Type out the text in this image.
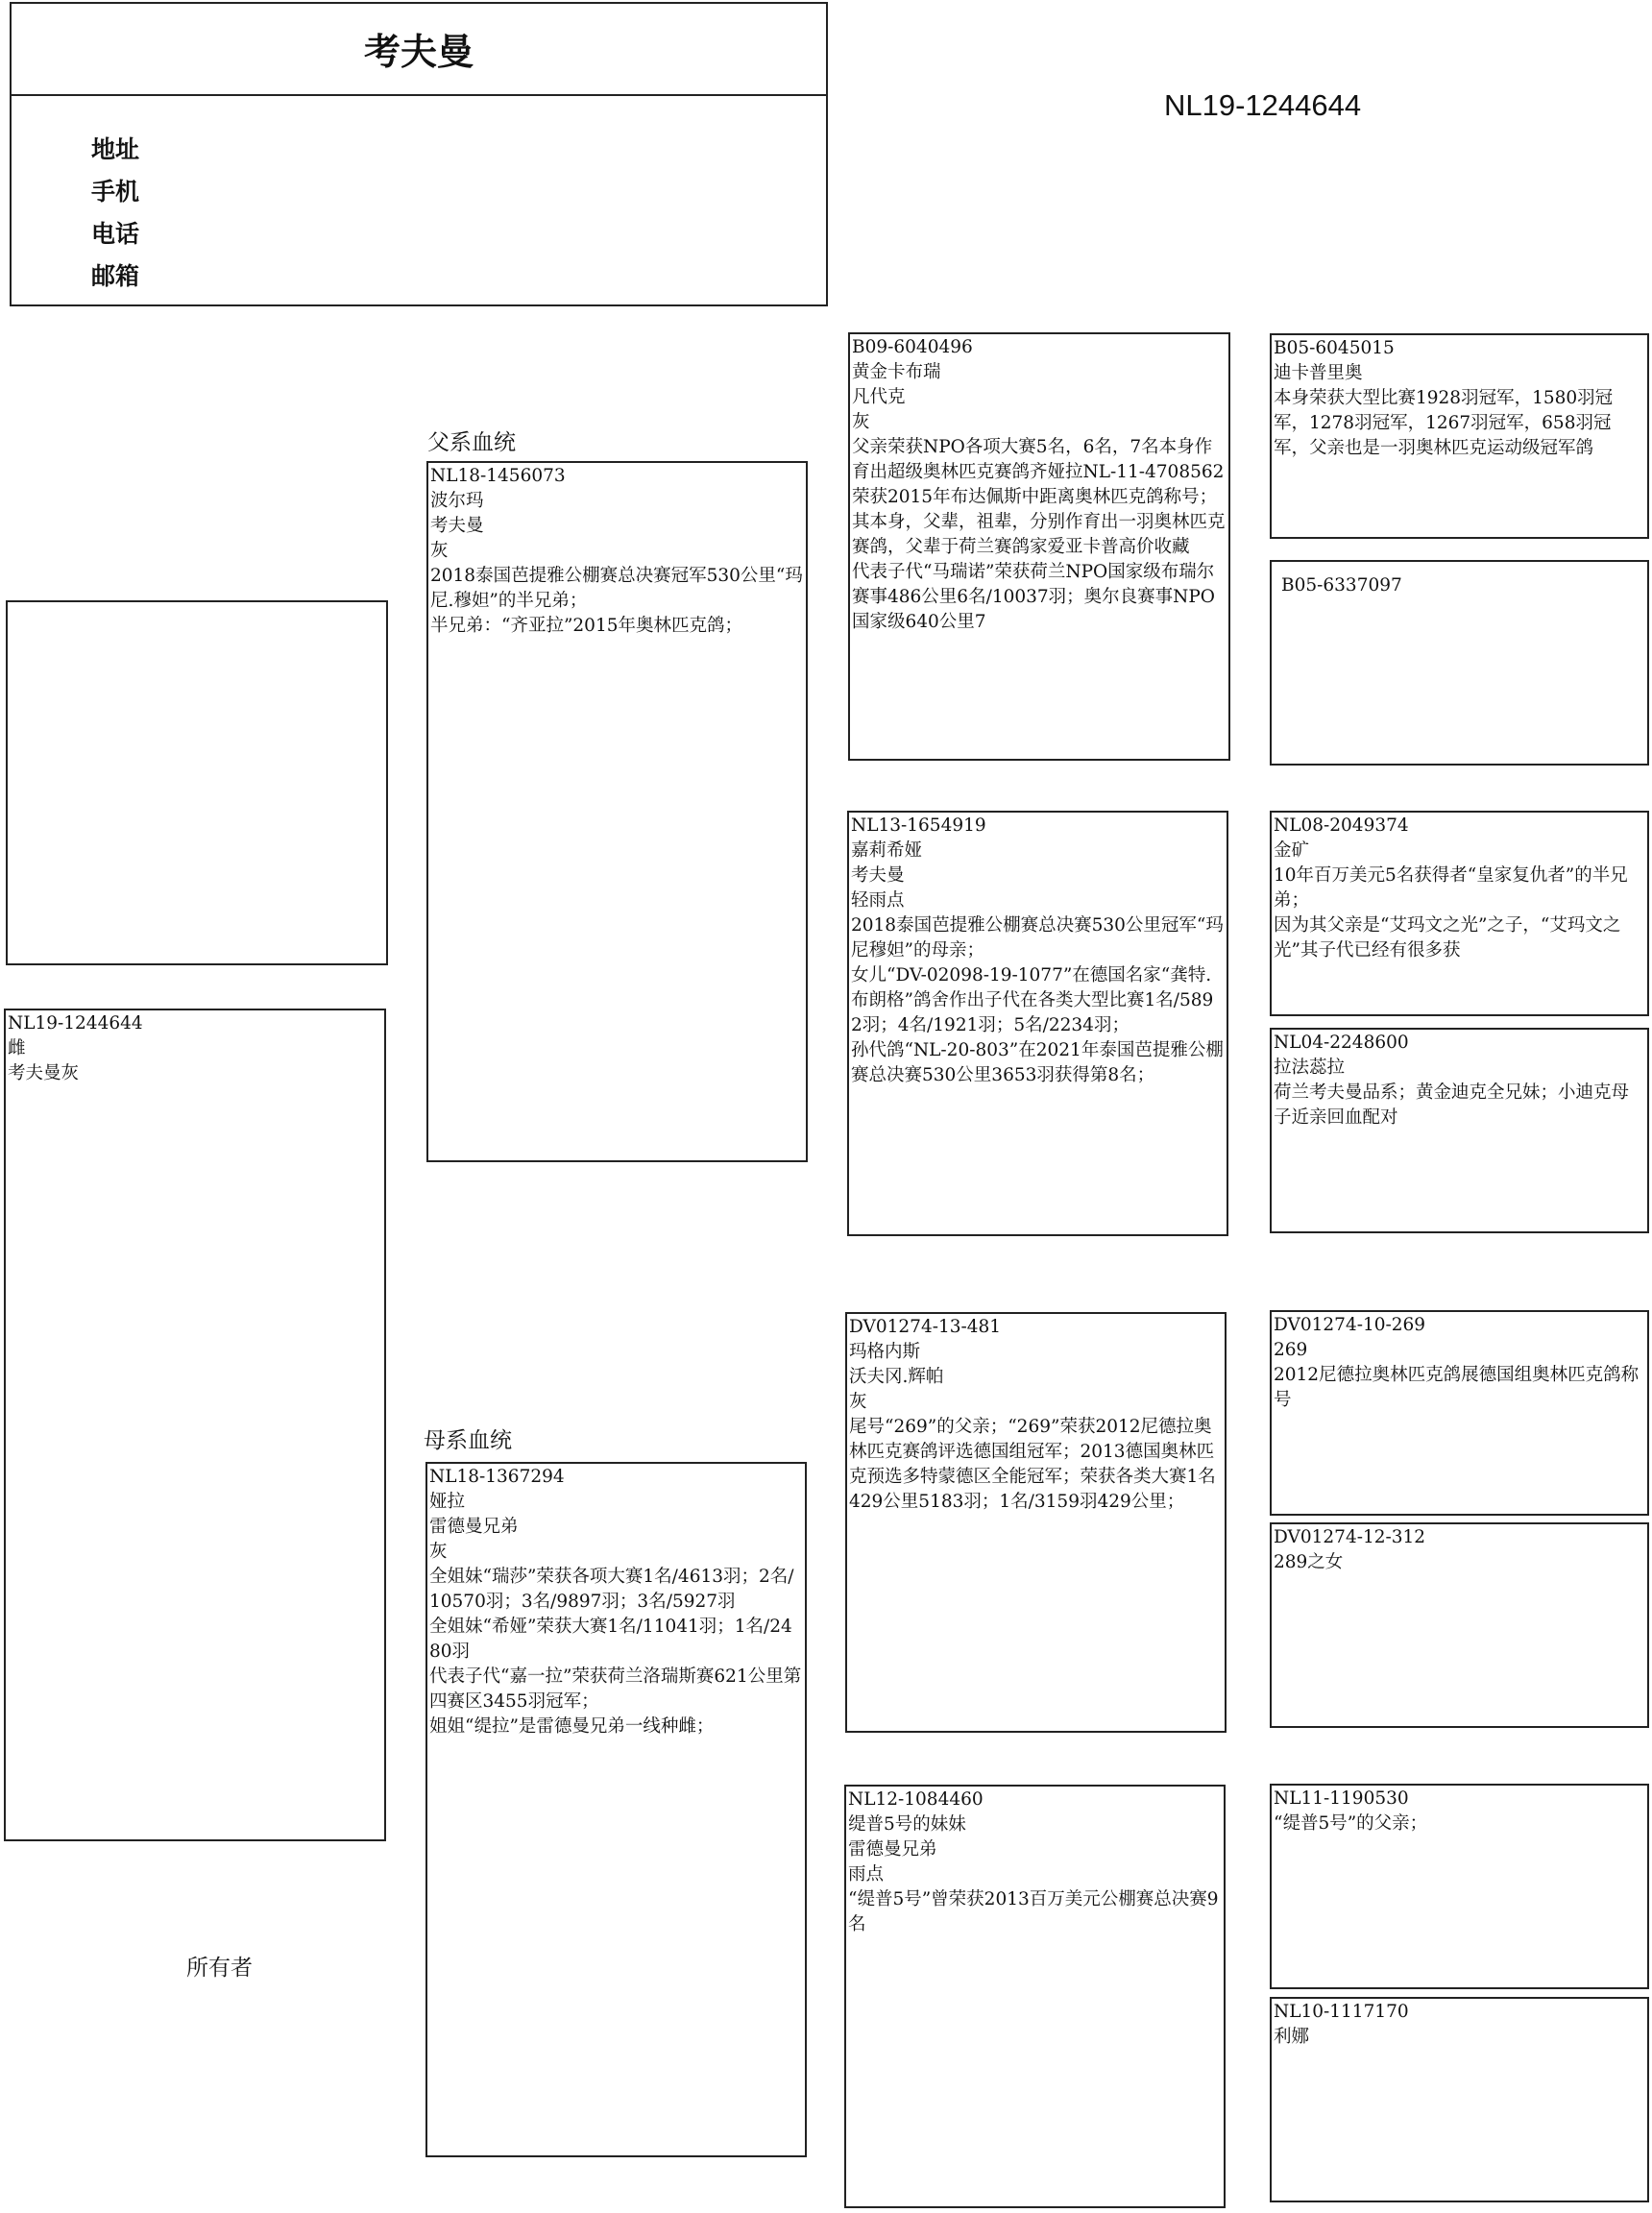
考夫曼
地址
手机
电话
邮箱
NL19-1244644
NL19-1244644
雌
考夫曼灰
所有者
父系血统
母系血统
NL18-1456073
波尔玛
考夫曼
灰
2018泰国芭提雅公棚赛总决赛冠军530公里“玛尼.穆妲”的半兄弟；
半兄弟：“齐亚拉”2015年奥林匹克鸽；
NL18-1367294
娅拉
雷德曼兄弟
灰
全姐妹“瑞莎”荣获各项大赛1名/4613羽；2名/10570羽；3名/9897羽；3名/5927羽
全姐妹“希娅”荣获大赛1名/11041羽；1名/2480羽
代表子代“嘉一拉”荣获荷兰洛瑞斯赛621公里第四赛区3455羽冠军；
姐姐“缇拉”是雷德曼兄弟一线种雌；
B09-6040496
黄金卡布瑞
凡代克
灰
父亲荣获NPO各项大赛5名，6名，7名本身作育出超级奥林匹克赛鸽齐娅拉NL-11-4708562荣获2015年布达佩斯中距离奥林匹克鸽称号；
其本身，父辈，祖辈，分别作育出一羽奥林匹克赛鸽，父辈于荷兰赛鸽家爱亚卡普高价收藏
代表子代“马瑞诺”荣获荷兰NPO国家级布瑞尔赛事486公里6名/10037羽；奥尔良赛事NPO国家级640公里7
NL13-1654919
嘉莉希娅
考夫曼
轻雨点
2018泰国芭提雅公棚赛总决赛530公里冠军“玛尼穆妲”的母亲；
女儿“DV-02098-19-1077”在德国名家“龚特.布朗格”鸽舍作出子代在各类大型比赛1名/5892羽；4名/1921羽；5名/2234羽；
孙代鸽“NL-20-803”在2021年泰国芭提雅公棚赛总决赛530公里3653羽获得第8名；
DV01274-13-481
玛格内斯
沃夫冈.辉帕
灰
尾号“269”的父亲；“269”荣获2012尼德拉奥林匹克赛鸽评选德国组冠军；2013德国奥林匹克预选多特蒙德区全能冠军；荣获各类大赛1名429公里5183羽；1名/3159羽429公里；
NL12-1084460
缇普5号的妹妹
雷德曼兄弟
雨点
“缇普5号”曾荣获2013百万美元公棚赛总决赛9名
B05-6045015
迪卡普里奥
本身荣获大型比赛1928羽冠军，1580羽冠军，1278羽冠军，1267羽冠军，658羽冠军，父亲也是一羽奥林匹克运动级冠军鸽
B05-6337097
NL08-2049374
金矿
10年百万美元5名获得者“皇家复仇者”的半兄弟；
因为其父亲是“艾玛文之光”之子，“艾玛文之光”其子代已经有很多获
NL04-2248600
拉法蕊拉
荷兰考夫曼品系；黄金迪克全兄妹；小迪克母子近亲回血配对
DV01274-10-269
269
2012尼德拉奥林匹克鸽展德国组奥林匹克鸽称号
DV01274-12-312
289之女
NL11-1190530
“缇普5号”的父亲；
NL10-1117170
利娜
